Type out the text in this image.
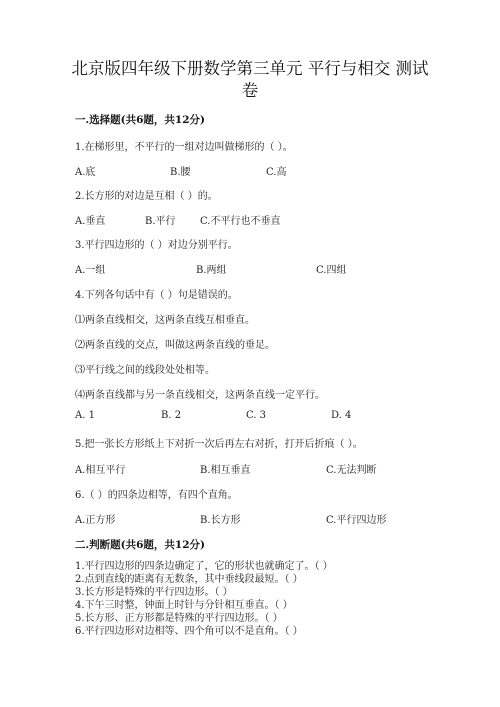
北京版四年级下册数学第三单元 平行与相交 测试
卷
一.选择题(共6题，共12分)
1.在梯形里，不平行的一组对边叫做梯形的（ ）。
A.底	B.腰	C.高
2.长方形的对边是互相（ ）的。
A.垂直	B.平行 C.不平行也不垂直
3.平行四边形的（ ）对边分别平行。
A.一组	B.两组	C.四组
4.下列各句话中有（ ）句是错误的。
⑴两条直线相交，这两条直线互相垂直。
⑵两条直线的交点，叫做这两条直线的垂足。
⑶平行线之间的线段处处相等。
⑷两条直线都与另一条直线相交，这两条直线一定平行。
A. 1	B. 2	C. 3	D. 4
5.把一张长方形纸上下对折一次后再左右对折，打开后折痕（ ）。
A.相互平行	B.相互垂直	C.无法判断
6.（ ）的四条边相等，有四个直角。
A.正方形	B.长方形	C.平行四边形
二.判断题(共6题，共12分)
1.平行四边形的四条边确定了，它的形状也就确定了。（ ）
2.点到直线的距离有无数条，其中垂线段最短。（ ）
3.长方形是特殊的平行四边形。（ ）
4.下午三时整，钟面上时针与分针相互垂直。（ ）
5.长方形、正方形都是特殊的平行四边形。（ ）
6.平行四边形对边相等、四个角可以不是直角。（ ）
